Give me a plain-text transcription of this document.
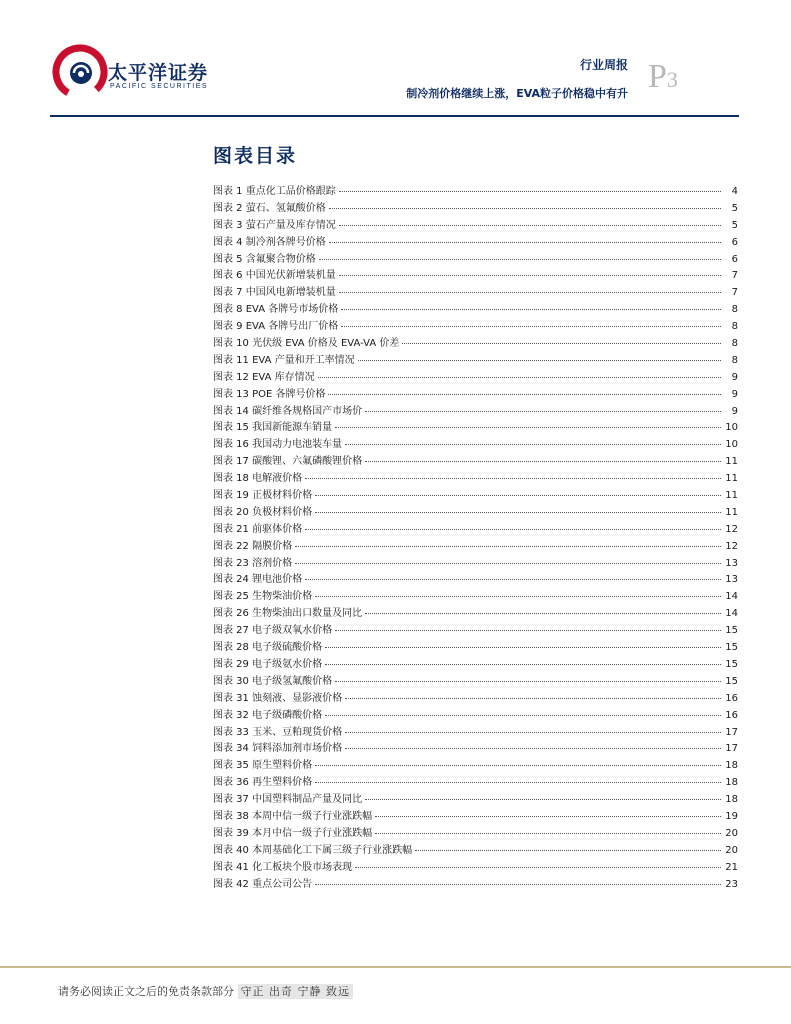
太平洋证券
PACIFIC SECURITIES
行业周报
制冷剂价格继续上涨，EVA粒子价格稳中有升 P3
图表目录
图表 1 重点化工品价格跟踪	4
图表 2 萤石、氢氟酸价格	5
图表 3 萤石产量及库存情况	5
图表 4 制冷剂各牌号价格	6
图表 5 含氟聚合物价格	6
图表 6 中国光伏新增装机量	7
图表 7 中国风电新增装机量	7
图表 8 EVA 各牌号市场价格	8
图表 9 EVA 各牌号出厂价格	8
图表 10 光伏级 EVA 价格及 EVA-VA 价差	8
图表 11 EVA 产量和开工率情况	8
图表 12 EVA 库存情况	9
图表 13 POE 各牌号价格	9
图表 14 碳纤维各规格国产市场价	9
图表 15 我国新能源车销量	10
图表 16 我国动力电池装车量	10
图表 17 碳酸锂、六氟磷酸锂价格	11
图表 18 电解液价格	11
图表 19 正极材料价格	11
图表 20 负极材料价格	11
图表 21 前驱体价格	12
图表 22 隔膜价格	12
图表 23 溶剂价格	13
图表 24 锂电池价格	13
图表 25 生物柴油价格	14
图表 26 生物柴油出口数量及同比	14
图表 27 电子级双氧水价格	15
图表 28 电子级硫酸价格	15
图表 29 电子级氨水价格	15
图表 30 电子级氢氟酸价格	15
图表 31 蚀刻液、显影液价格	16
图表 32 电子级磷酸价格	16
图表 33 玉米、豆粕现货价格	17
图表 34 饲料添加剂市场价格	17
图表 35 原生塑料价格	18
图表 36 再生塑料价格	18
图表 37 中国塑料制品产量及同比	18
图表 38 本周中信一级子行业涨跌幅	19
图表 39 本月中信一级子行业涨跌幅	20
图表 40 本周基础化工下属三级子行业涨跌幅	20
图表 41 化工板块个股市场表现	21
图表 42 重点公司公告	23
请务必阅读正文之后的免责条款部分 守正 出奇 宁静 致远
